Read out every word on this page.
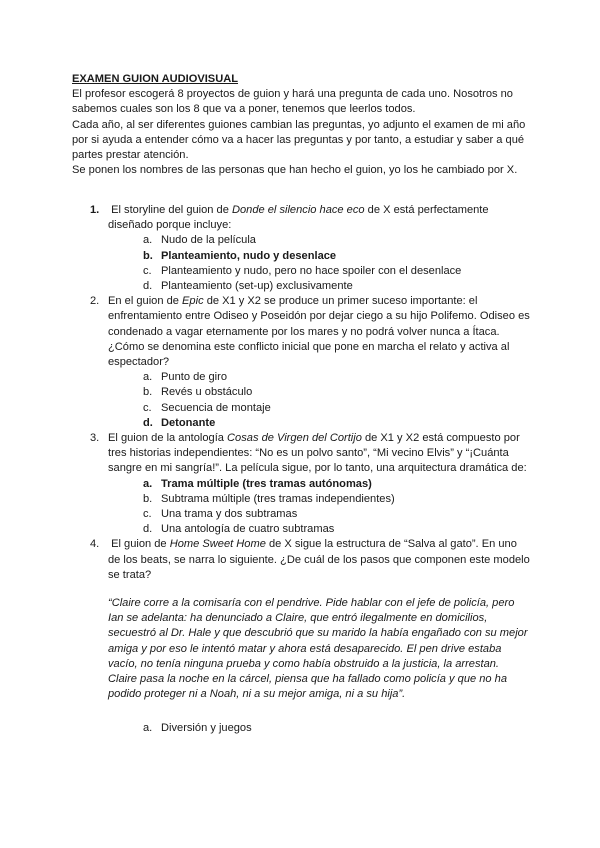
EXAMEN GUION AUDIOVISUAL

El profesor escogerá 8 proyectos de guion y hará una pregunta de cada uno. Nosotros no sabemos cuales son los 8 que va a poner, tenemos que leerlos todos.

Cada año, al ser diferentes guiones cambian las preguntas, yo adjunto el examen de mi año por si ayuda a entender cómo va a hacer las preguntas y por tanto, a estudiar y saber a qué partes prestar atención.

Se ponen los nombres de las personas que han hecho el guion, yo los he cambiado por X.

1. El storyline del guion de Donde el silencio hace eco de X está perfectamente diseñado porque incluye:

a. Nudo de la película
b. Planteamiento, nudo y desenlace
c. Planteamiento y nudo, pero no hace spoiler con el desenlace
d. Planteamiento (set-up) exclusivamente
2. En el guion de Epic de X1 y X2 se produce un primer suceso importante: el enfrentamiento entre Odiseo y Poseidón por dejar ciego a su hijo Polifemo. Odiseo es condenado a vagar eternamente por los mares y no podrá volver nunca a Ítaca. ¿Cómo se denomina este conflicto inicial que pone en marcha el relato y activa al espectador?

a. Punto de giro
b. Revés u obstáculo
c. Secuencia de montaje
d. Detonante
3. El guion de la antología Cosas de Virgen del Cortijo de X1 y X2 está compuesto por tres historias independientes: “No es un polvo santo”, “Mi vecino Elvis” y “¡Cuánta sangre en mi sangría!”. La película sigue, por lo tanto, una arquitectura dramática de:

a. Trama múltiple (tres tramas autónomas)
b. Subtrama múltiple (tres tramas independientes)
c. Una trama y dos subtramas
d. Una antología de cuatro subtramas
4. El guion de Home Sweet Home de X sigue la estructura de “Salva al gato”. En uno de los beats, se narra lo siguiente. ¿De cuál de los pasos que componen este modelo se trata?

“Claire corre a la comisaría con el pendrive. Pide hablar con el jefe de policía, pero Ian se adelanta: ha denunciado a Claire, que entró ilegalmente en domicilios, secuestró al Dr. Hale y que descubrió que su marido la había engañado con su mejor amiga y por eso le intentó matar y ahora está desaparecido. El pen drive estaba vacío, no tenía ninguna prueba y como había obstruido a la justicia, la arrestan. Claire pasa la noche en la cárcel, piensa que ha fallado como policía y que no ha podido proteger ni a Noah, ni a su mejor amiga, ni a su hija”.

a. Diversión y juegos
